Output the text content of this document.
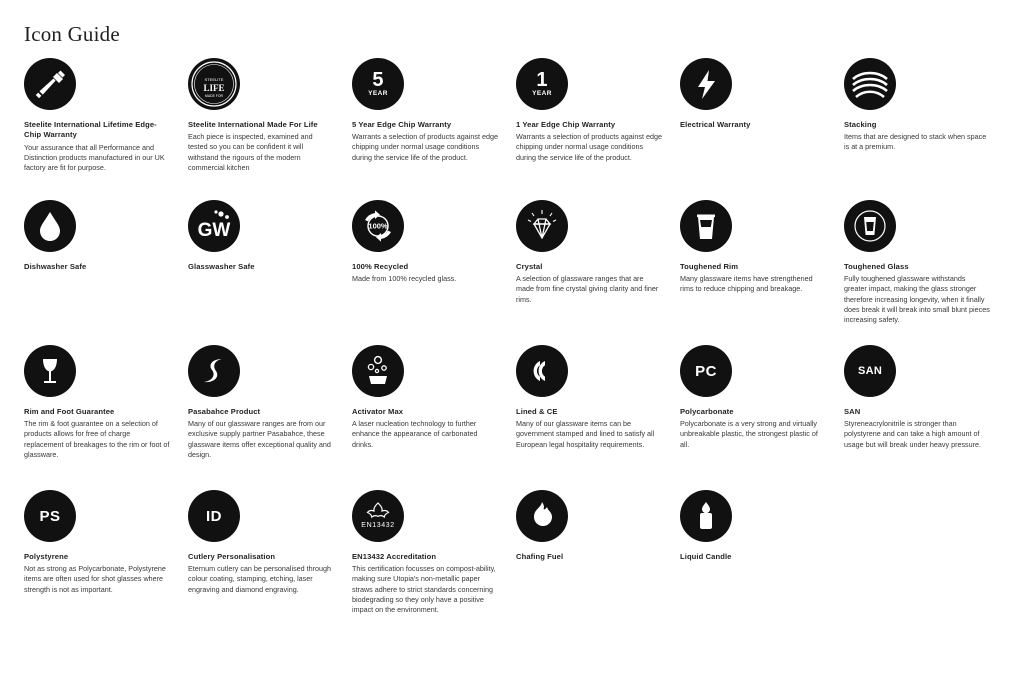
Icon Guide
Steelite International Lifetime Edge-Chip Warranty
Your assurance that all Performance and Distinction products manufactured in our UK factory are fit for purpose.
STEELITE
LIFE
MADE FOR
Steelite International Made For Life
Each piece is inspected, examined and tested so you can be confident it will withstand the rigours of the modern commercial kitchen
5
YEAR
5 Year Edge Chip Warranty
Warrants a selection of products against edge chipping under normal usage conditions during the service life of the product.
1
YEAR
1 Year Edge Chip Warranty
Warrants a selection of products against edge chipping under normal usage conditions during the service life of the product.
Electrical Warranty	Stacking
Items that are designed to stack when space is at a premium.
Dishwasher Safe
GW
Glasswasher Safe
100%
100% Recycled
Made from 100% recycled glass.
Crystal
A selection of glassware ranges that are made from fine crystal giving clarity and finer rims.
Toughened Rim
Many glassware items have strengthened rims to reduce chipping and breakage.
Toughened Glass
Fully toughened glassware withstands greater impact, making the glass stronger therefore increasing longevity, when it finally does break it will break into small blunt pieces increasing safety.
Rim and Foot Guarantee
The rim & foot guarantee on a selection of products allows for free of charge replacement of breakages to the rim or foot of glassware.
Pasabahce Product
Many of our glassware ranges are from our exclusive supply partner Pasabahce, these glassware items offer exceptional quality and design.
Activator Max
A laser nucleation technology to further enhance the appearance of carbonated drinks.
Lined & CE
Many of our glassware items can be government stamped and lined to satisfy all European legal hospitality requirements.
PC
Polycarbonate
Polycarbonate is a very strong and virtually unbreakable plastic, the strongest plastic of all.
SAN
SAN
Styreneacrylonitrile is stronger than polystyrene and can take a high amount of usage but will break under heavy pressure.
PS
Polystyrene
Not as strong as Polycarbonate, Polystyrene items are often used for shot glasses where strength is not as important.
ID
Cutlery Personalisation
Eternum cutlery can be personalised through colour coating, stamping, etching, laser engraving and diamond engraving.
EN13432
EN13432 Accreditation
This certification focusses on compost-ability, making sure Utopia's non-metallic paper straws adhere to strict standards concerning biodegrading so they only have a positive impact on the environment.
Chafing Fuel	Liquid Candle
